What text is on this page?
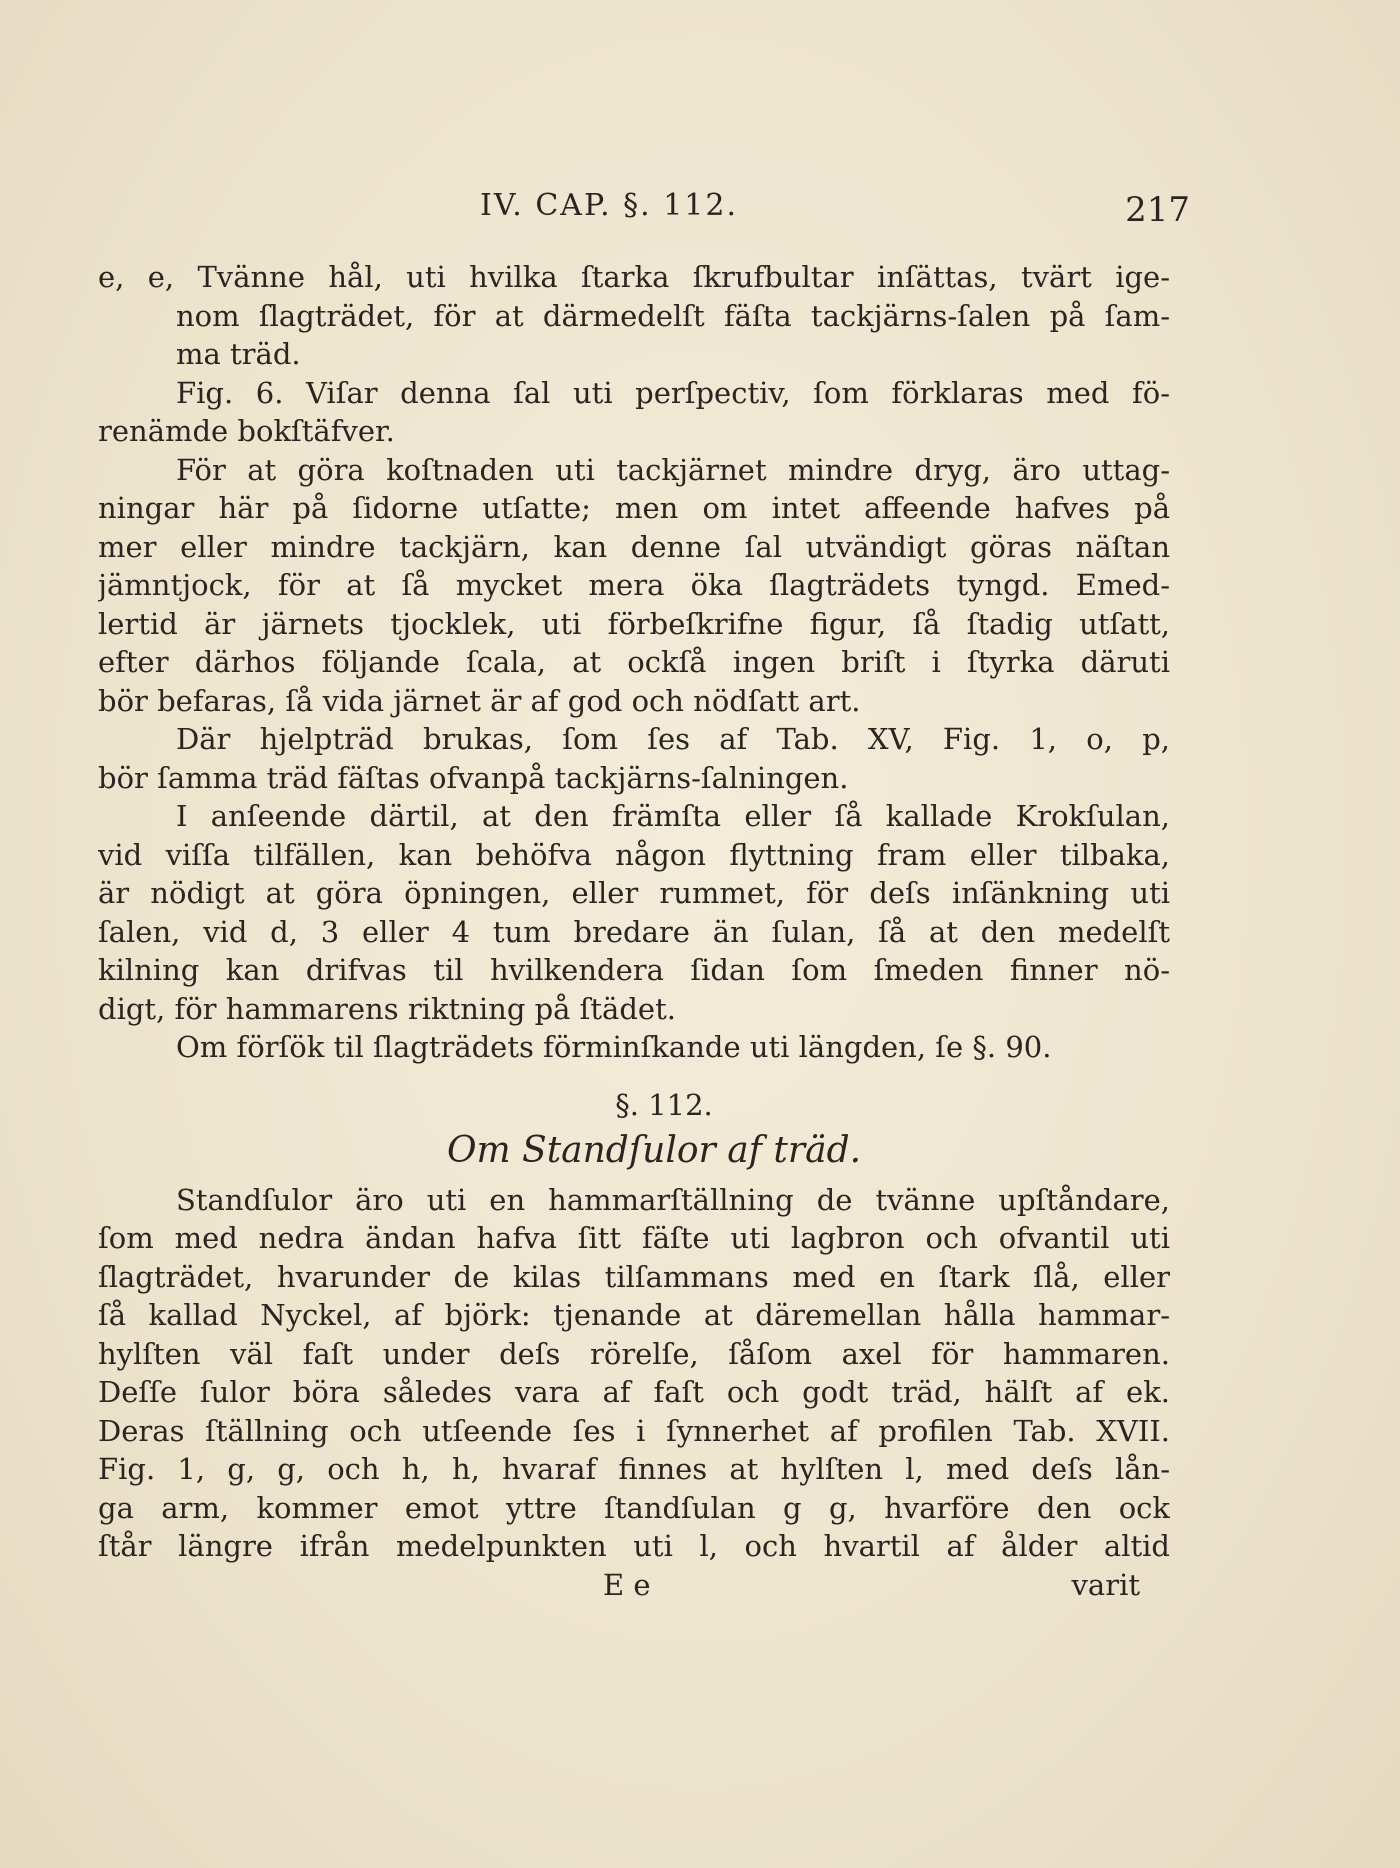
IV. CAP. §. 112.	217
e, e, Tvänne hål, uti hvilka ſtarka ſkrufbultar inſättas, tvärt ige-
nom ſlagträdet, för at därmedelſt fäſta tackjärns-ſalen på ſam-
ma träd.
Fig. 6. Viſar denna ſal uti perſpectiv, ſom förklaras med fö-
renämde bokſtäfver.
För at göra koſtnaden uti tackjärnet mindre dryg, äro uttag-
ningar här på ſidorne utſatte; men om intet affeende hafves på
mer eller mindre tackjärn, kan denne ſal utvändigt göras näſtan
jämntjock, för at ſå mycket mera öka ſlagträdets tyngd. Emed-
lertid är järnets tjocklek, uti förbeſkrifne figur, ſå ſtadig utſatt,
efter därhos följande ſcala, at ockſå ingen briſt i ſtyrka däruti
bör befaras, ſå vida järnet är af god och nödſatt art.
Där hjelpträd brukas, ſom ſes af Tab. XV, Fig. 1, o, p,
bör ſamma träd fäſtas ofvanpå tackjärns-ſalningen.
I anſeende därtil, at den främſta eller ſå kallade Krokſulan,
vid viſſa tilfällen, kan behöfva någon flyttning fram eller tilbaka,
är nödigt at göra öpningen, eller rummet, för deſs inſänkning uti
ſalen, vid d, 3 eller 4 tum bredare än ſulan, ſå at den medelſt
kilning kan drifvas til hvilkendera ſidan ſom ſmeden finner nö-
digt, för hammarens riktning på ſtädet.
Om förſök til ſlagträdets förminſkande uti längden, ſe §. 90.
§. 112.
Om Standſulor af träd.
Standſulor äro uti en hammarſtällning de tvänne upſtåndare,
ſom med nedra ändan hafva ſitt fäſte uti lagbron och ofvantil uti
ſlagträdet, hvarunder de kilas tilſammans med en ſtark ſlå, eller
ſå kallad Nyckel, af björk: tjenande at däremellan hålla hammar-
hylſten väl faſt under deſs rörelſe, ſåſom axel för hammaren.
Deſſe ſulor böra således vara af faſt och godt träd, hälſt af ek.
Deras ſtällning och utſeende ſes i ſynnerhet af profilen Tab. XVII.
Fig. 1, g, g, och h, h, hvaraf finnes at hylſten l, med deſs lån-
ga arm, kommer emot yttre ſtandſulan g g, hvarföre den ock
ſtår längre ifrån medelpunkten uti l, och hvartil af ålder altid
E e	varit
